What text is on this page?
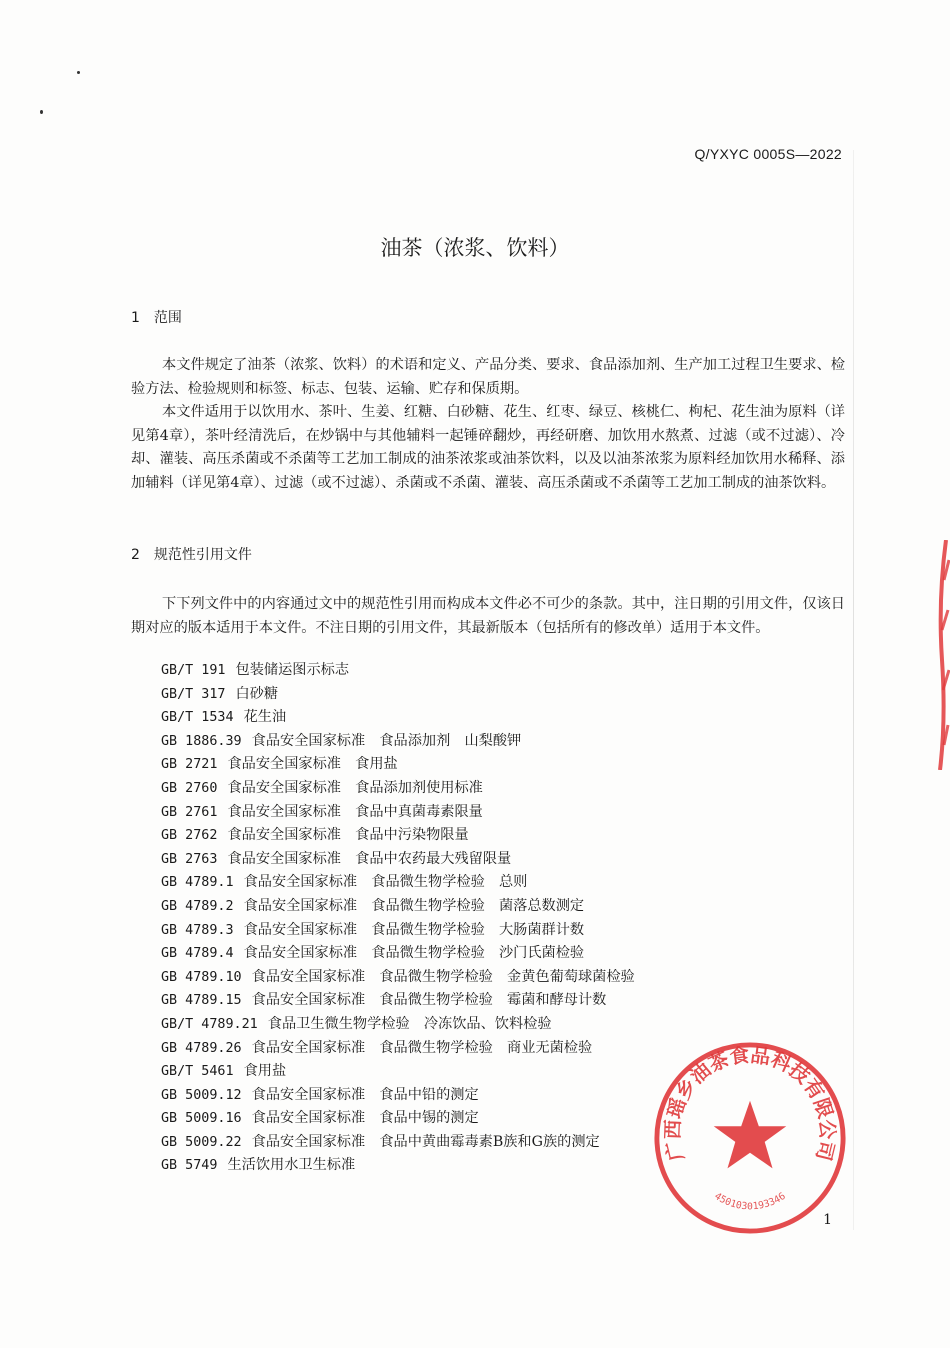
Q/YXYC 0005S—2022
油茶（浓浆、饮料）
1 范围

本文件规定了油茶（浓浆、饮料）的术语和定义、产品分类、要求、食品添加剂、生产加工过程卫生要求、检验方法、检验规则和标签、标志、包装、运输、贮存和保质期。

本文件适用于以饮用水、茶叶、生姜、红糖、白砂糖、花生、红枣、绿豆、核桃仁、枸杞、花生油为原料（详见第4章），茶叶经清洗后，在炒锅中与其他辅料一起锤碎翻炒，再经研磨、加饮用水熬煮、过滤（或不过滤）、冷却、灌装、高压杀菌或不杀菌等工艺加工制成的油茶浓浆或油茶饮料，以及以油茶浓浆为原料经加饮用水稀释、添加辅料（详见第4章）、过滤（或不过滤）、杀菌或不杀菌、灌装、高压杀菌或不杀菌等工艺加工制成的油茶饮料。

2 规范性引用文件

下下列文件中的内容通过文中的规范性引用而构成本文件必不可少的条款。其中，注日期的引用文件，仅该日期对应的版本适用于本文件。不注日期的引用文件，其最新版本（包括所有的修改单）适用于本文件。

GB/T 191 包装储运图示标志
GB/T 317 白砂糖
GB/T 1534 花生油
GB 1886.39 食品安全国家标准　食品添加剂　山梨酸钾
GB 2721 食品安全国家标准　食用盐
GB 2760 食品安全国家标准　食品添加剂使用标准
GB 2761 食品安全国家标准　食品中真菌毒素限量
GB 2762 食品安全国家标准　食品中污染物限量
GB 2763 食品安全国家标准　食品中农药最大残留限量
GB 4789.1 食品安全国家标准　食品微生物学检验　总则
GB 4789.2 食品安全国家标准　食品微生物学检验　菌落总数测定
GB 4789.3 食品安全国家标准　食品微生物学检验　大肠菌群计数
GB 4789.4 食品安全国家标准　食品微生物学检验　沙门氏菌检验
GB 4789.10 食品安全国家标准　食品微生物学检验　金黄色葡萄球菌检验
GB 4789.15 食品安全国家标准　食品微生物学检验　霉菌和酵母计数
GB/T 4789.21 食品卫生微生物学检验　冷冻饮品、饮料检验
GB 4789.26 食品安全国家标准　食品微生物学检验　商业无菌检验
GB/T 5461 食用盐
GB 5009.12 食品安全国家标准　食品中铅的测定
GB 5009.16 食品安全国家标准　食品中锡的测定
GB 5009.22 食品安全国家标准　食品中黄曲霉毒素B族和G族的测定
GB 5749 生活饮用水卫生标准
广西瑶乡油茶食品科技有限公司
4501030193346
1
